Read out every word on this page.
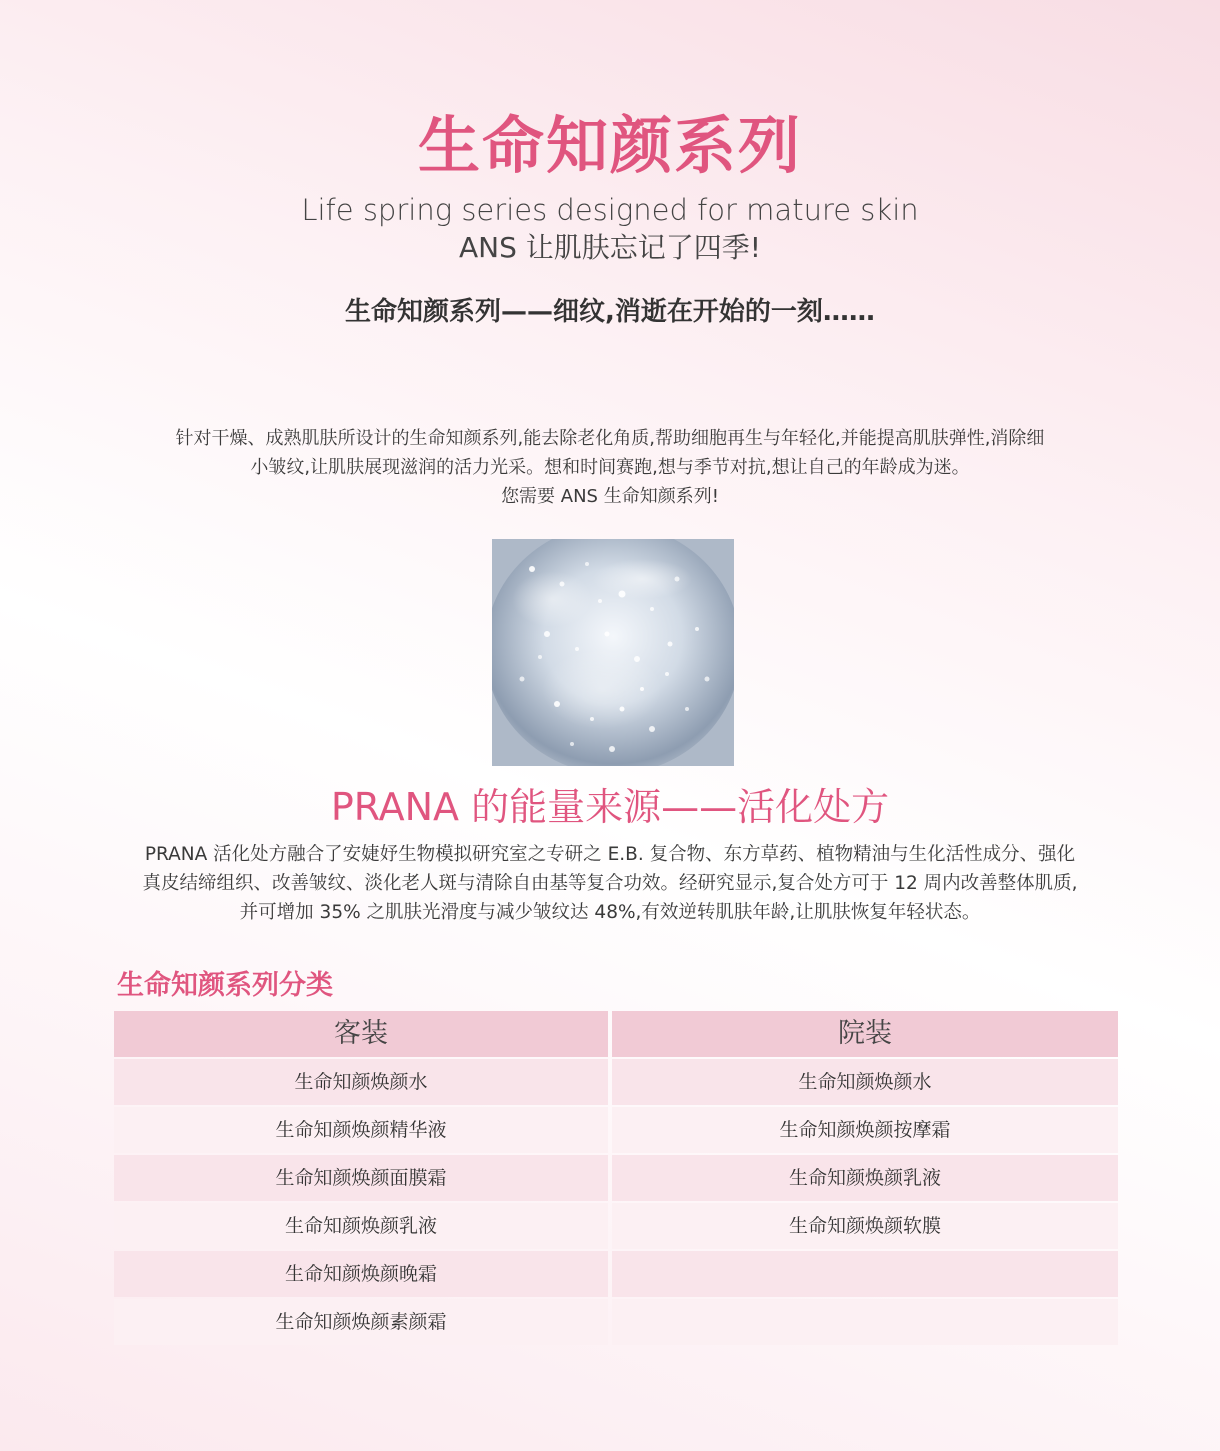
生命知颜系列
Life spring series designed for mature skin
ANS 让肌肤忘记了四季!
生命知颜系列——细纹,消逝在开始的一刻……

针对干燥、成熟肌肤所设计的生命知颜系列,能去除老化角质,帮助细胞再生与年轻化,并能提高肌肤弹性,消除细

小皱纹,让肌肤展现滋润的活力光采。想和时间赛跑,想与季节对抗,想让自己的年龄成为迷。

您需要 ANS 生命知颜系列!

PRANA 的能量来源——活化处方

PRANA 活化处方融合了安婕妤生物模拟研究室之专研之 E.B. 复合物、东方草药、植物精油与生化活性成分、强化

真皮结缔组织、改善皱纹、淡化老人斑与清除自由基等复合功效。经研究显示,复合处方可于 12 周内改善整体肌质,

并可增加 35% 之肌肤光滑度与减少皱纹达 48%,有效逆转肌肤年龄,让肌肤恢复年轻状态。

生命知颜系列分类
客装	院装
生命知颜焕颜水	生命知颜焕颜水
生命知颜焕颜精华液	生命知颜焕颜按摩霜
生命知颜焕颜面膜霜	生命知颜焕颜乳液
生命知颜焕颜乳液	生命知颜焕颜软膜
生命知颜焕颜晚霜
生命知颜焕颜素颜霜
